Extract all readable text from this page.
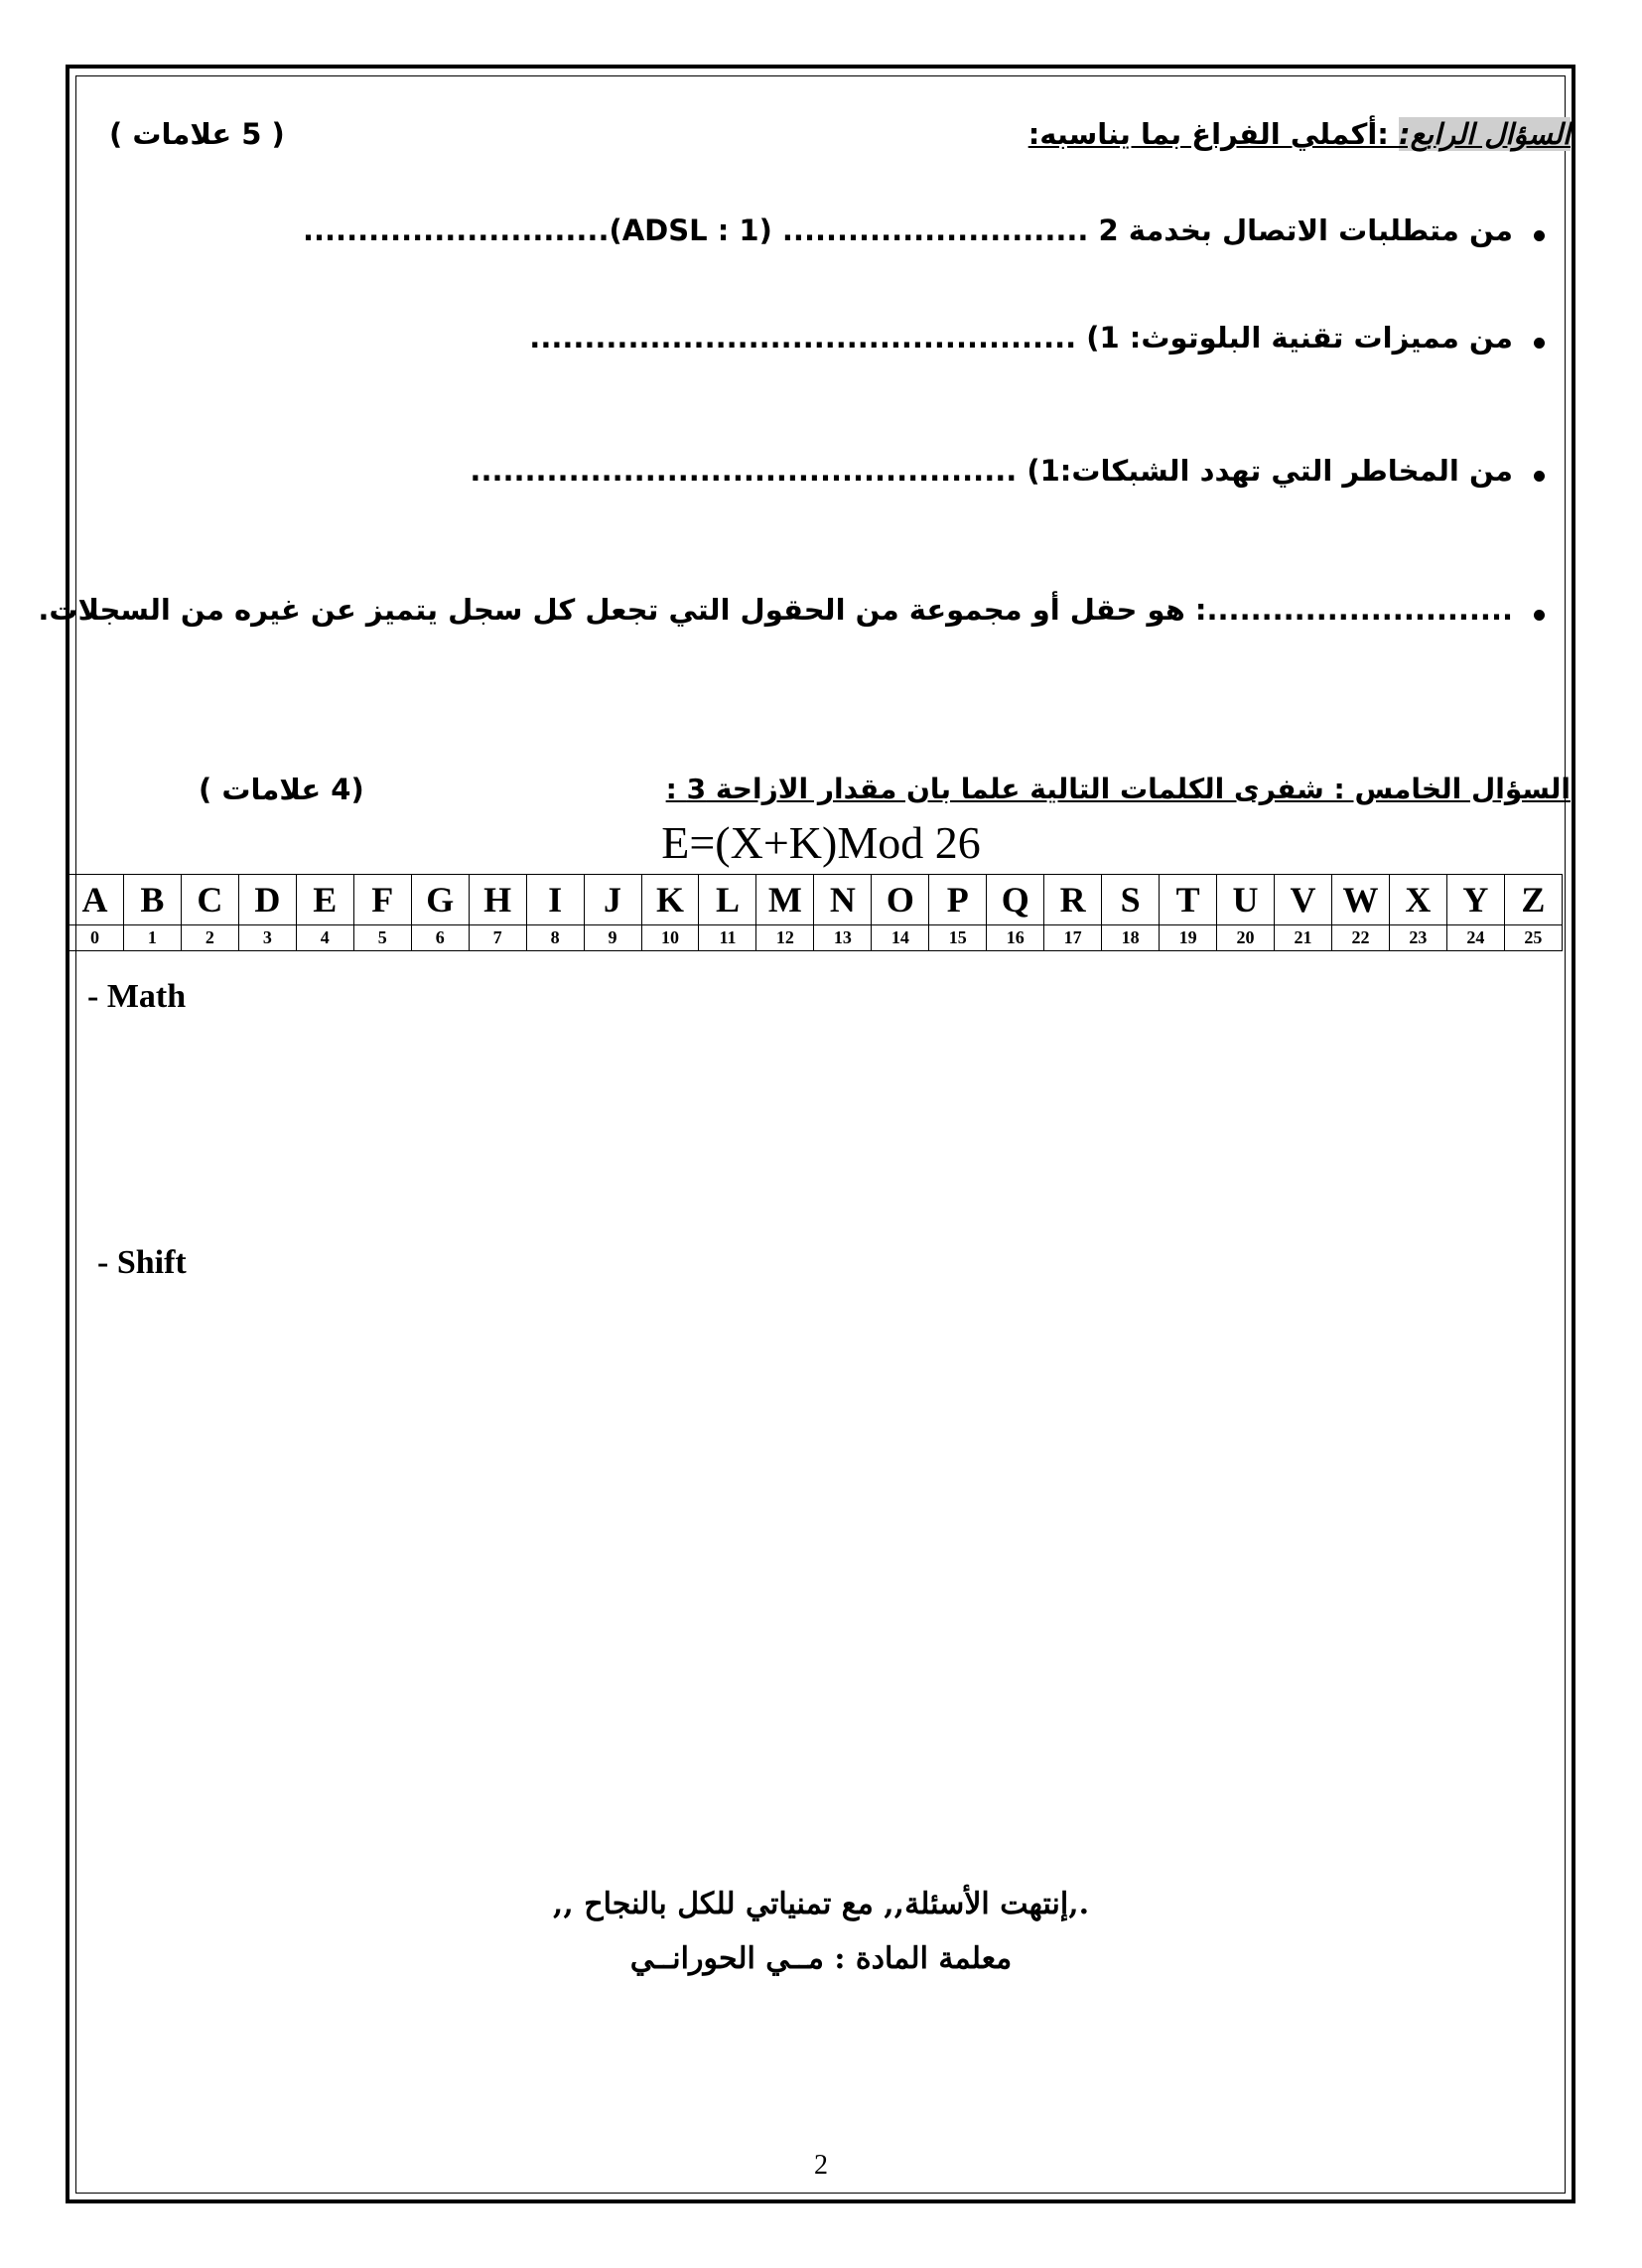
السؤال الرابع: :أكملي الفراغ بما يناسبه:
( 5 علامات )
من متطلبات الاتصال بخدمة ADSL : 1) ............................ 2)............................
من مميزات تقنية البلوتوث: 1) ..................................................
من المخاطر التي تهدد الشبكات:1) ..................................................
............................: هو حقل أو مجموعة من الحقول التي تجعل كل سجل يتميز عن غيره من السجلات.
السؤال الخامس : شفرى الكلمات التالية علما بان مقدار الازاحة 3 :
(4 علامات )
E=(X+K)Mod 26
A	B	C	D	E	F	G	H	I	J	K	L	M	N	O	P	Q	R	S	T	U	V	W	X	Y	Z
0	1	2	3	4	5	6	7	8	9	10	11	12	13	14	15	16	17	18	19	20	21	22	23	24	25
- Math
- Shift
.,إنتهت الأسئلة,, مع تمنياتي للكل بالنجاح ,,
معلمة المادة : مــي الحورانــي
2
